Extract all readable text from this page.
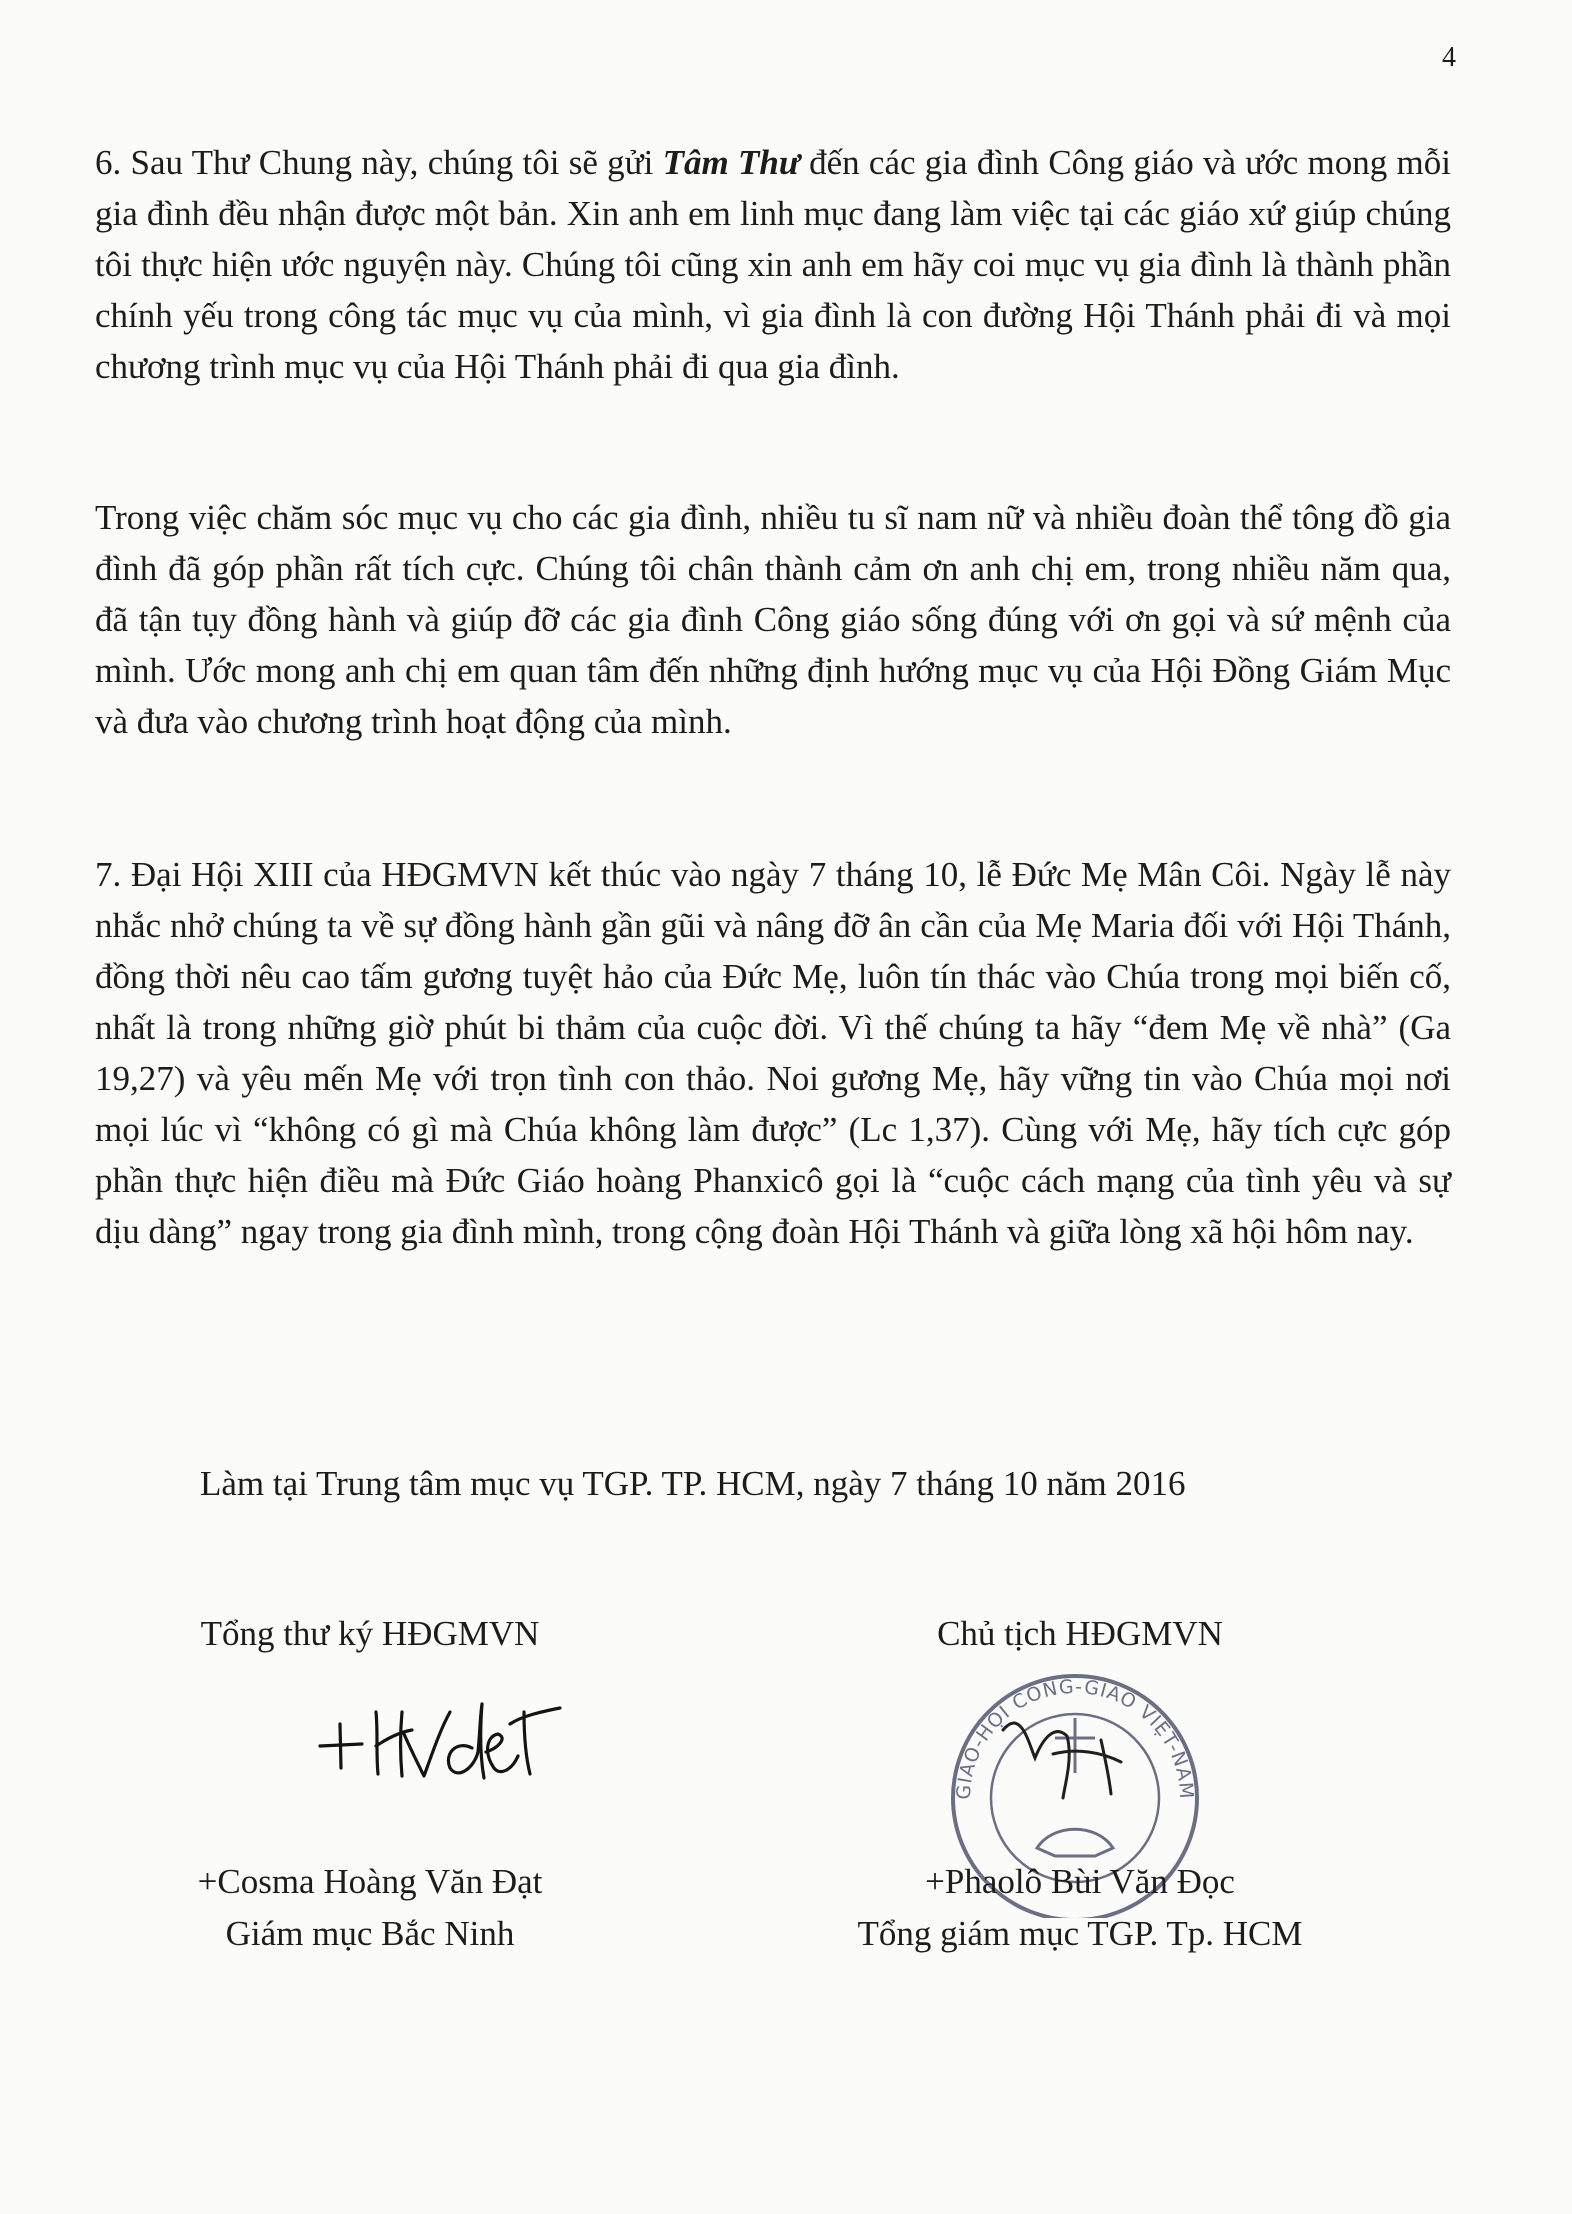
4

6. Sau Thư Chung này, chúng tôi sẽ gửi Tâm Thư đến các gia đình Công giáo và ước mong mỗi gia đình đều nhận được một bản. Xin anh em linh mục đang làm việc tại các giáo xứ giúp chúng tôi thực hiện ước nguyện này. Chúng tôi cũng xin anh em hãy coi mục vụ gia đình là thành phần chính yếu trong công tác mục vụ của mình, vì gia đình là con đường Hội Thánh phải đi và mọi chương trình mục vụ của Hội Thánh phải đi qua gia đình.

Trong việc chăm sóc mục vụ cho các gia đình, nhiều tu sĩ nam nữ và nhiều đoàn thể tông đồ gia đình đã góp phần rất tích cực. Chúng tôi chân thành cảm ơn anh chị em, trong nhiều năm qua, đã tận tụy đồng hành và giúp đỡ các gia đình Công giáo sống đúng với ơn gọi và sứ mệnh của mình. Ước mong anh chị em quan tâm đến những định hướng mục vụ của Hội Đồng Giám Mục và đưa vào chương trình hoạt động của mình.

7. Đại Hội XIII của HĐGMVN kết thúc vào ngày 7 tháng 10, lễ Đức Mẹ Mân Côi. Ngày lễ này nhắc nhở chúng ta về sự đồng hành gần gũi và nâng đỡ ân cần của Mẹ Maria đối với Hội Thánh, đồng thời nêu cao tấm gương tuyệt hảo của Đức Mẹ, luôn tín thác vào Chúa trong mọi biến cố, nhất là trong những giờ phút bi thảm của cuộc đời. Vì thế chúng ta hãy “đem Mẹ về nhà” (Ga 19,27) và yêu mến Mẹ với trọn tình con thảo. Noi gương Mẹ, hãy vững tin vào Chúa mọi nơi mọi lúc vì “không có gì mà Chúa không làm được” (Lc 1,37). Cùng với Mẹ, hãy tích cực góp phần thực hiện điều mà Đức Giáo hoàng Phanxicô gọi là “cuộc cách mạng của tình yêu và sự dịu dàng” ngay trong gia đình mình, trong cộng đoàn Hội Thánh và giữa lòng xã hội hôm nay.

Làm tại Trung tâm mục vụ TGP. TP. HCM, ngày 7 tháng 10 năm 2016
Tổng thư ký HĐGMVN
+Cosma Hoàng Văn Đạt
Giám mục Bắc Ninh
Chủ tịch HĐGMVN
GIÁO-HỘI CÔNG-GIÁO VIỆT-NAM
+Phaolô Bùi Văn Đọc
Tổng giám mục TGP. Tp. HCM
